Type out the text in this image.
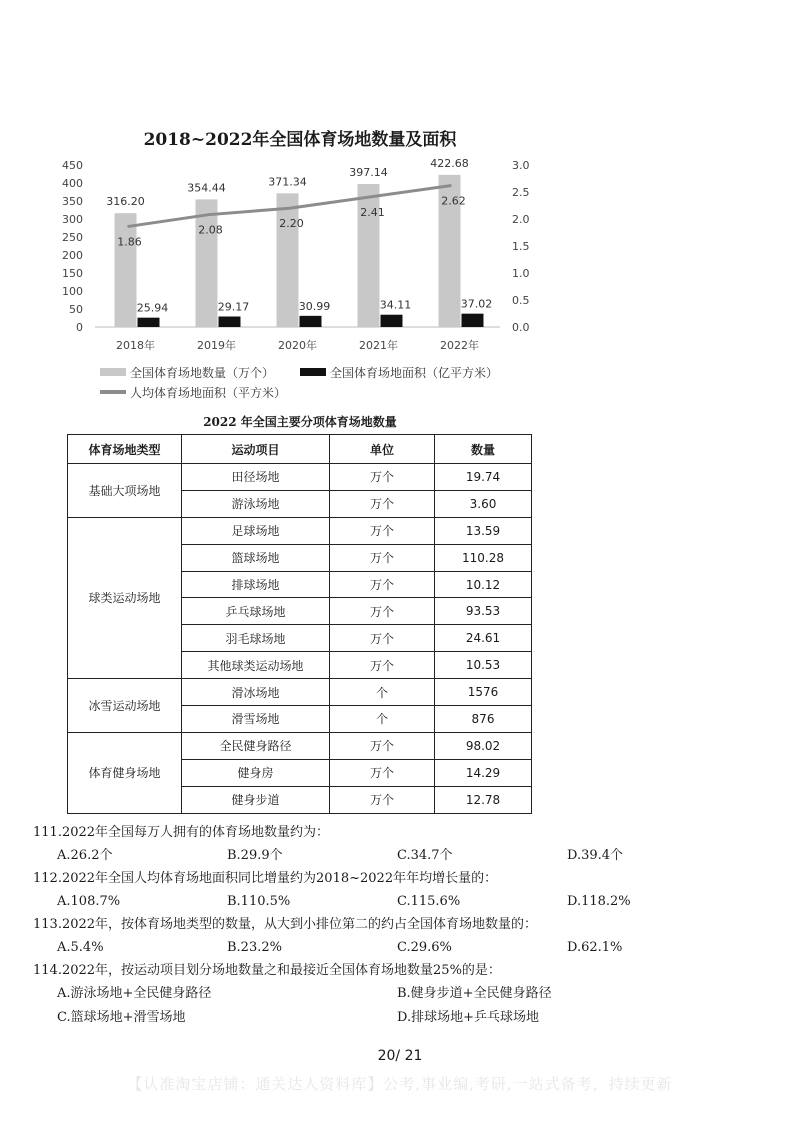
2018~2022年全国体育场地数量及面积
0
50
100
150
200
250
300
350
400
450
0.0
0.5
1.0
1.5
2.0
2.5
3.0
316.20
25.94
2018年
1.86
354.44
29.17
2019年
2.08
371.34
30.99
2020年
2.20
397.14
34.11
2021年
2.41
422.68
37.02
2022年
2.62
全国体育场地数量（万个）	全国体育场地面积（亿平方米）
人均体育场地面积（平方米）
2022 年全国主要分项体育场地数量
体育场地类型	运动项目	单位	数量
基础大项场地	田径场地	万个	19.74
	游泳场地	万个	3.60
球类运动场地	足球场地	万个	13.59
	篮球场地	万个	110.28
	排球场地	万个	10.12
	乒乓球场地	万个	93.53
	羽毛球场地	万个	24.61
	其他球类运动场地	万个	10.53
冰雪运动场地	滑冰场地	个	1576
	滑雪场地	个	876
体育健身场地	全民健身路径	万个	98.02
	健身房	万个	14.29
	健身步道	万个	12.78
111.2022年全国每万人拥有的体育场地数量约为：
A.26.2个	B.29.9个	C.34.7个	D.39.4个
112.2022年全国人均体育场地面积同比增量约为2018~2022年年均增长量的：
A.108.7%	B.110.5%	C.115.6%	D.118.2%
113.2022年，按体育场地类型的数量，从大到小排位第二的约占全国体育场地数量的：
A.5.4%	B.23.2%	C.29.6%	D.62.1%
114.2022年，按运动项目划分场地数量之和最接近全国体育场地数量25%的是：
A.游泳场地+全民健身路径	B.健身步道+全民健身路径
C.篮球场地+滑雪场地	D.排球场地+乒乓球场地
20/ 21
【认准淘宝店铺：通关达人资料库】公考,事业编,考研,一站式备考，持续更新
